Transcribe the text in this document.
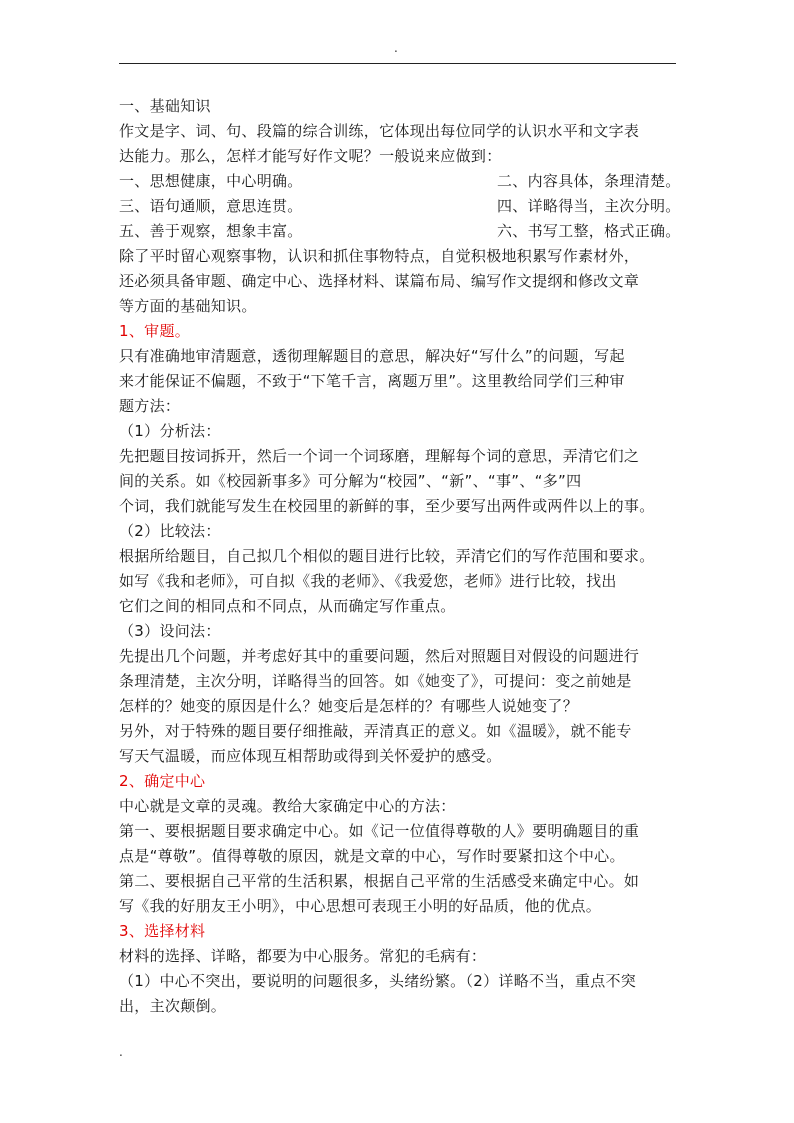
.
一、基础知识
作文是字、词、句、段篇的综合训练，它体现出每位同学的认识水平和文字表
达能力。那么，怎样才能写好作文呢？一般说来应做到：
一、思想健康，中心明确。	二、内容具体，条理清楚。
三、语句通顺，意思连贯。	四、详略得当，主次分明。
五、善于观察，想象丰富。	六、书写工整，格式正确。
除了平时留心观察事物，认识和抓住事物特点，自觉积极地积累写作素材外，
还必须具备审题、确定中心、选择材料、谋篇布局、编写作文提纲和修改文章
等方面的基础知识。
1、审题。
只有准确地审清题意，透彻理解题目的意思，解决好“写什么”的问题，写起
来才能保证不偏题，不致于“下笔千言，离题万里”。这里教给同学们三种审
题方法：
（1）分析法：
先把题目按词拆开，然后一个词一个词琢磨，理解每个词的意思，弄清它们之
间的关系。如《校园新事多》可分解为“校园”、“新”、“事”、“多”四
个词，我们就能写发生在校园里的新鲜的事，至少要写出两件或两件以上的事。
（2）比较法：
根据所给题目，自己拟几个相似的题目进行比较，弄清它们的写作范围和要求。
如写《我和老师》，可自拟《我的老师》、《我爱您，老师》进行比较，找出
它们之间的相同点和不同点，从而确定写作重点。
（3）设问法：
先提出几个问题，并考虑好其中的重要问题，然后对照题目对假设的问题进行
条理清楚，主次分明，详略得当的回答。如《她变了》，可提问：变之前她是
怎样的？她变的原因是什么？她变后是怎样的？有哪些人说她变了？
另外，对于特殊的题目要仔细推敲，弄清真正的意义。如《温暖》，就不能专
写天气温暖，而应体现互相帮助或得到关怀爱护的感受。
2、确定中心
中心就是文章的灵魂。教给大家确定中心的方法：
第一、要根据题目要求确定中心。如《记一位值得尊敬的人》要明确题目的重
点是“尊敬”。值得尊敬的原因，就是文章的中心，写作时要紧扣这个中心。
第二、要根据自己平常的生活积累，根据自己平常的生活感受来确定中心。如
写《我的好朋友王小明》，中心思想可表现王小明的好品质，他的优点。
3、选择材料
材料的选择、详略，都要为中心服务。常犯的毛病有：
（1）中心不突出，要说明的问题很多，头绪纷繁。（2）详略不当，重点不突
出，主次颠倒。
.
